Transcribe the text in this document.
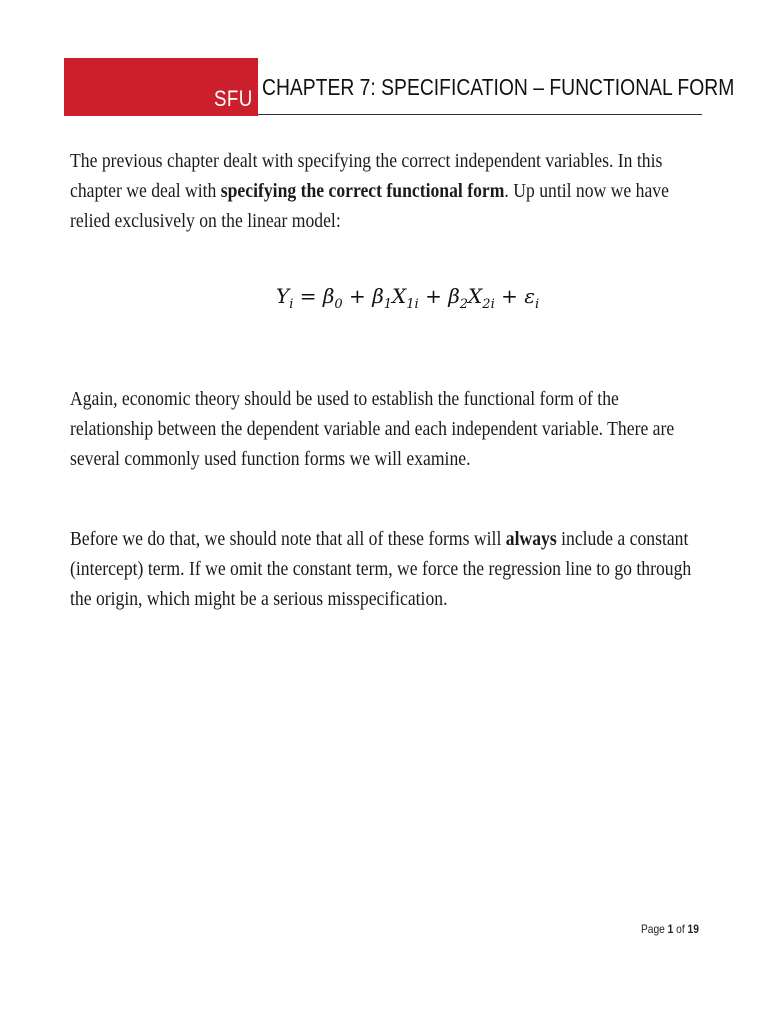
SFU CHAPTER 7: SPECIFICATION – FUNCTIONAL FORM
The previous chapter dealt with specifying the correct independent variables. In this
chapter we deal with specifying the correct functional form. Up until now we have
relied exclusively on the linear model:
$Y_i = \beta_0 + \beta_1X_{1i} + \beta_2X_{2i} + \varepsilon_i$
Again, economic theory should be used to establish the functional form of the
relationship between the dependent variable and each independent variable. There are
several commonly used function forms we will examine.
Before we do that, we should note that all of these forms will always include a constant
(intercept) term. If we omit the constant term, we force the regression line to go through
the origin, which might be a serious misspecification.
Page 1 of 19
